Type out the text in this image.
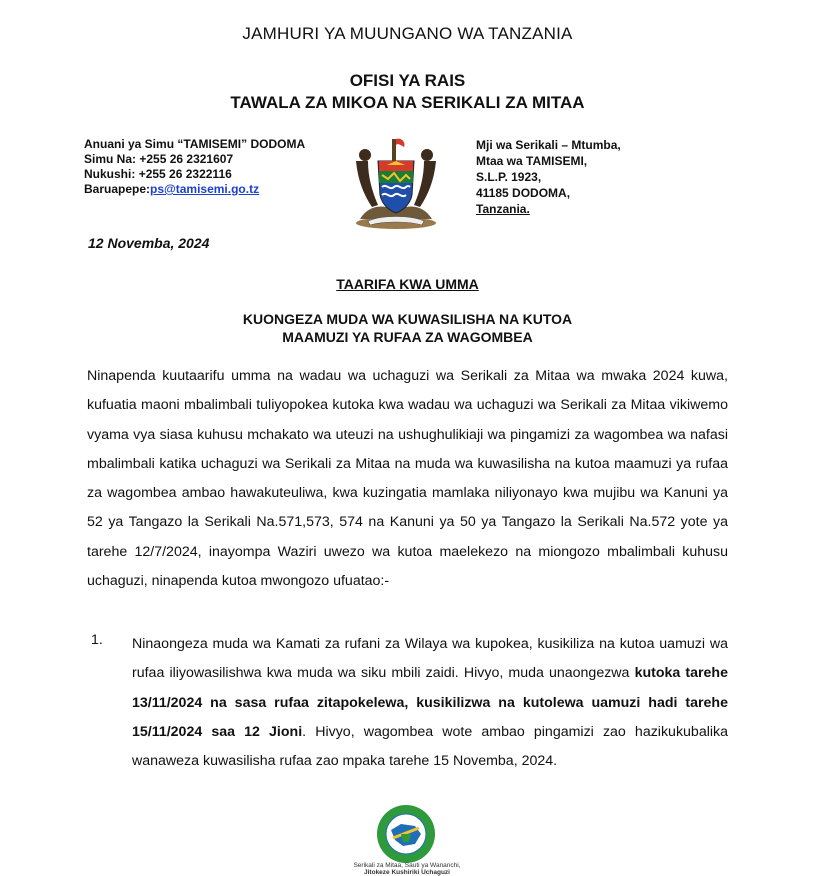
JAMHURI YA MUUNGANO WA TANZANIA
OFISI YA RAIS
TAWALA ZA MIKOA NA SERIKALI ZA MITAA
Anuani ya Simu “TAMISEMI” DODOMA
Simu Na: +255 26 2321607
Nukushi: +255 26 2322116
Baruapepe:ps@tamisemi.go.tz
Mji wa Serikali – Mtumba,
Mtaa wa TAMISEMI,
S.L.P. 1923,
41185 DODOMA,
Tanzania.
12 Novemba, 2024
TAARIFA KWA UMMA
KUONGEZA MUDA WA KUWASILISHA NA KUTOA
MAAMUZI YA RUFAA ZA WAGOMBEA
Ninapenda kuutaarifu umma na wadau wa uchaguzi wa Serikali za Mitaa wa mwaka 2024 kuwa, kufuatia maoni mbalimbali tuliyopokea kutoka kwa wadau wa uchaguzi wa Serikali za Mitaa vikiwemo vyama vya siasa kuhusu mchakato wa uteuzi na ushughulikiaji wa pingamizi za wagombea wa nafasi mbalimbali katika uchaguzi wa Serikali za Mitaa na muda wa kuwasilisha na kutoa maamuzi ya rufaa za wagombea ambao hawakuteuliwa, kwa kuzingatia mamlaka niliyonayo kwa mujibu wa Kanuni ya 52 ya Tangazo la Serikali Na.571,573, 574 na Kanuni ya 50 ya Tangazo la Serikali Na.572 yote ya tarehe 12/7/2024, inayompa Waziri uwezo wa kutoa maelekezo na miongozo mbalimbali kuhusu uchaguzi, ninapenda kutoa mwongozo ufuatao:-
1. Ninaongeza muda wa Kamati za rufani za Wilaya wa kupokea, kusikiliza na kutoa uamuzi wa rufaa iliyowasilishwa kwa muda wa siku mbili zaidi. Hivyo, muda unaongezwa kutoka tarehe 13/11/2024 na sasa rufaa zitapokelewa, kusikilizwa na kutolewa uamuzi hadi tarehe 15/11/2024 saa 12 Jioni. Hivyo, wagombea wote ambao pingamizi zao hazikukubalika wanaweza kuwasilisha rufaa zao mpaka tarehe 15 Novemba, 2024.
Serikali za Mitaa, Sauti ya Wananchi,
Jitokeze Kushiriki Uchaguzi
